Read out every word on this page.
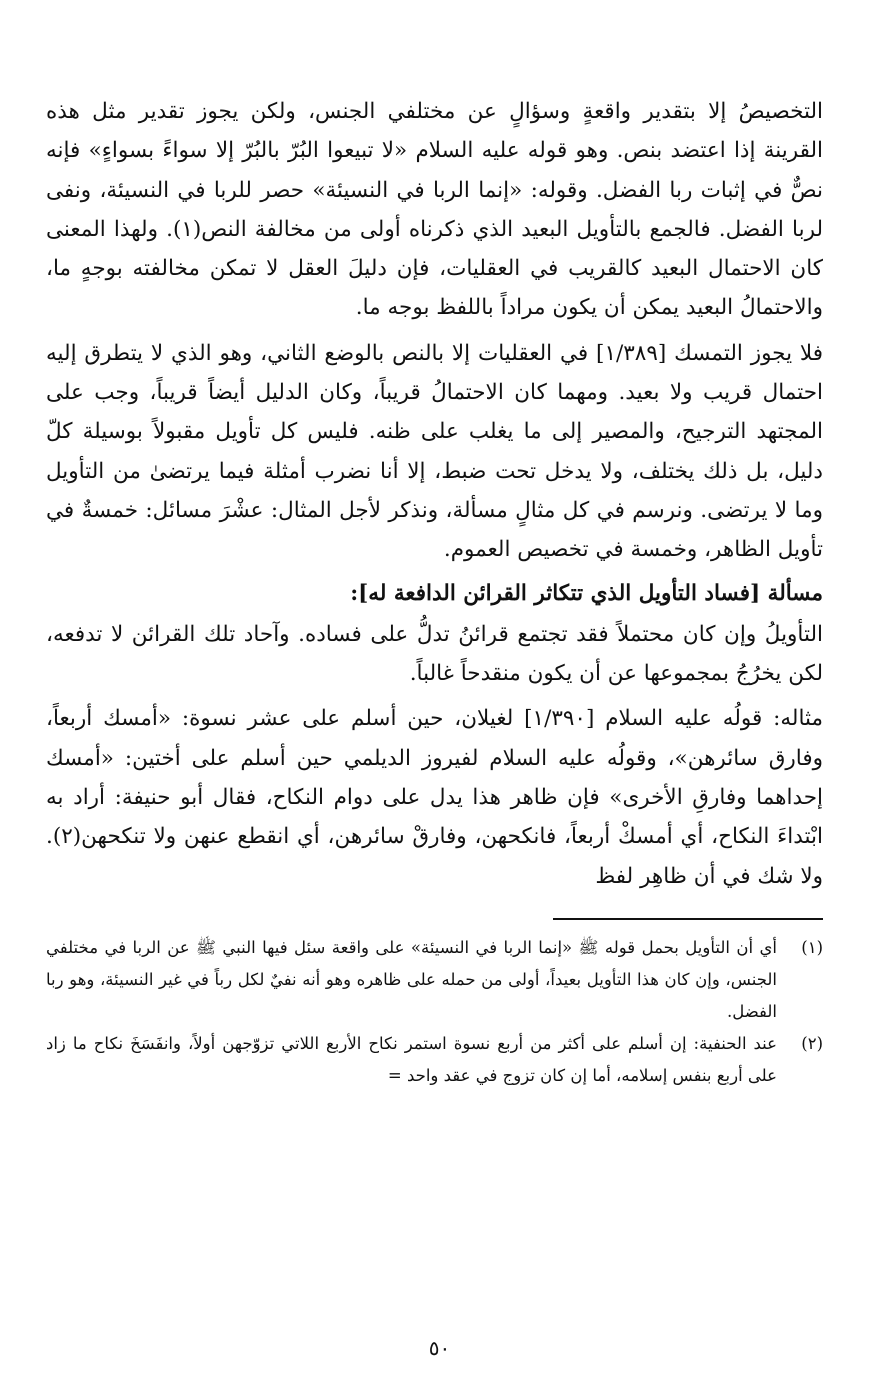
التخصيصُ إلا بتقدير واقعةٍ وسؤالٍ عن مختلفي الجنس، ولكن يجوز تقدير مثل هذه القرينة إذا اعتضد بنص. وهو قوله عليه السلام «لا تبيعوا البُرّ بالبُرّ إلا سواءً بسواءٍ» فإنه نصٌّ في إثبات ربا الفضل. وقوله: «إنما الربا في النسيئة» حصر للربا في النسيئة، ونفى لربا الفضل. فالجمع بالتأويل البعيد الذي ذكرناه أولى من مخالفة النص(١). ولهذا المعنى كان الاحتمال البعيد كالقريب في العقليات، فإن دليلَ العقل لا تمكن مخالفته بوجهٍ ما، والاحتمالُ البعيد يمكن أن يكون مراداً باللفظ بوجه ما.

فلا يجوز التمسك [١/٣٨٩] في العقليات إلا بالنص بالوضع الثاني، وهو الذي لا يتطرق إليه احتمال قريب ولا بعيد. ومهما كان الاحتمالُ قريباً، وكان الدليل أيضاً قريباً، وجب على المجتهد الترجيح، والمصير إلى ما يغلب على ظنه. فليس كل تأويل مقبولاً بوسيلة كلّ دليل، بل ذلك يختلف، ولا يدخل تحت ضبط، إلا أنا نضرب أمثلة فيما يرتضىٰ من التأويل وما لا يرتضى. ونرسم في كل مثالٍ مسألة، ونذكر لأجل المثال: عشْرَ مسائل: خمسةٌ في تأويل الظاهر، وخمسة في تخصيص العموم.

مسألة [فساد التأويل الذي تتكاثر القرائن الدافعة له]:

التأويلُ وإن كان محتملاً فقد تجتمع قرائنُ تدلُّ على فساده. وآحاد تلك القرائن لا تدفعه، لكن يخرُجُ بمجموعها عن أن يكون منقدحاً غالباً.

مثاله: قولُه عليه السلام [١/٣٩٠] لغيلان، حين أسلم على عشر نسوة: «أمسك أربعاً، وفارق سائرهن»، وقولُه عليه السلام لفيروز الديلمي حين أسلم على أختين: «أمسك إحداهما وفارقِ الأخرى» فإن ظاهر هذا يدل على دوام النكاح، فقال أبو حنيفة: أراد به ابْتداءَ النكاح، أي أمسكْ أربعاً، فانكحهن، وفارقْ سائرهن، أي انقطع عنهن ولا تنكحهن(٢). ولا شك في أن ظاهِر لفظ

(١)
أي أن التأويل بحمل قوله ﷺ «إنما الربا في النسيئة» على واقعة سئل فيها النبي ﷺ عن الربا في مختلفي الجنس، وإن كان هذا التأويل بعيداً، أولى من حمله على ظاهره وهو أنه نفيٌ لكل رباً في غير النسيئة، وهو ربا الفضل.
(٢)
عند الحنفية: إن أسلم على أكثر من أربع نسوة استمر نكاح الأربع اللاتي تزوّجهن أولاً، وانفَسَخَ نكاح ما زاد على أربع بنفس إسلامه، أما إن كان تزوج في عقد واحد =
٥٠
